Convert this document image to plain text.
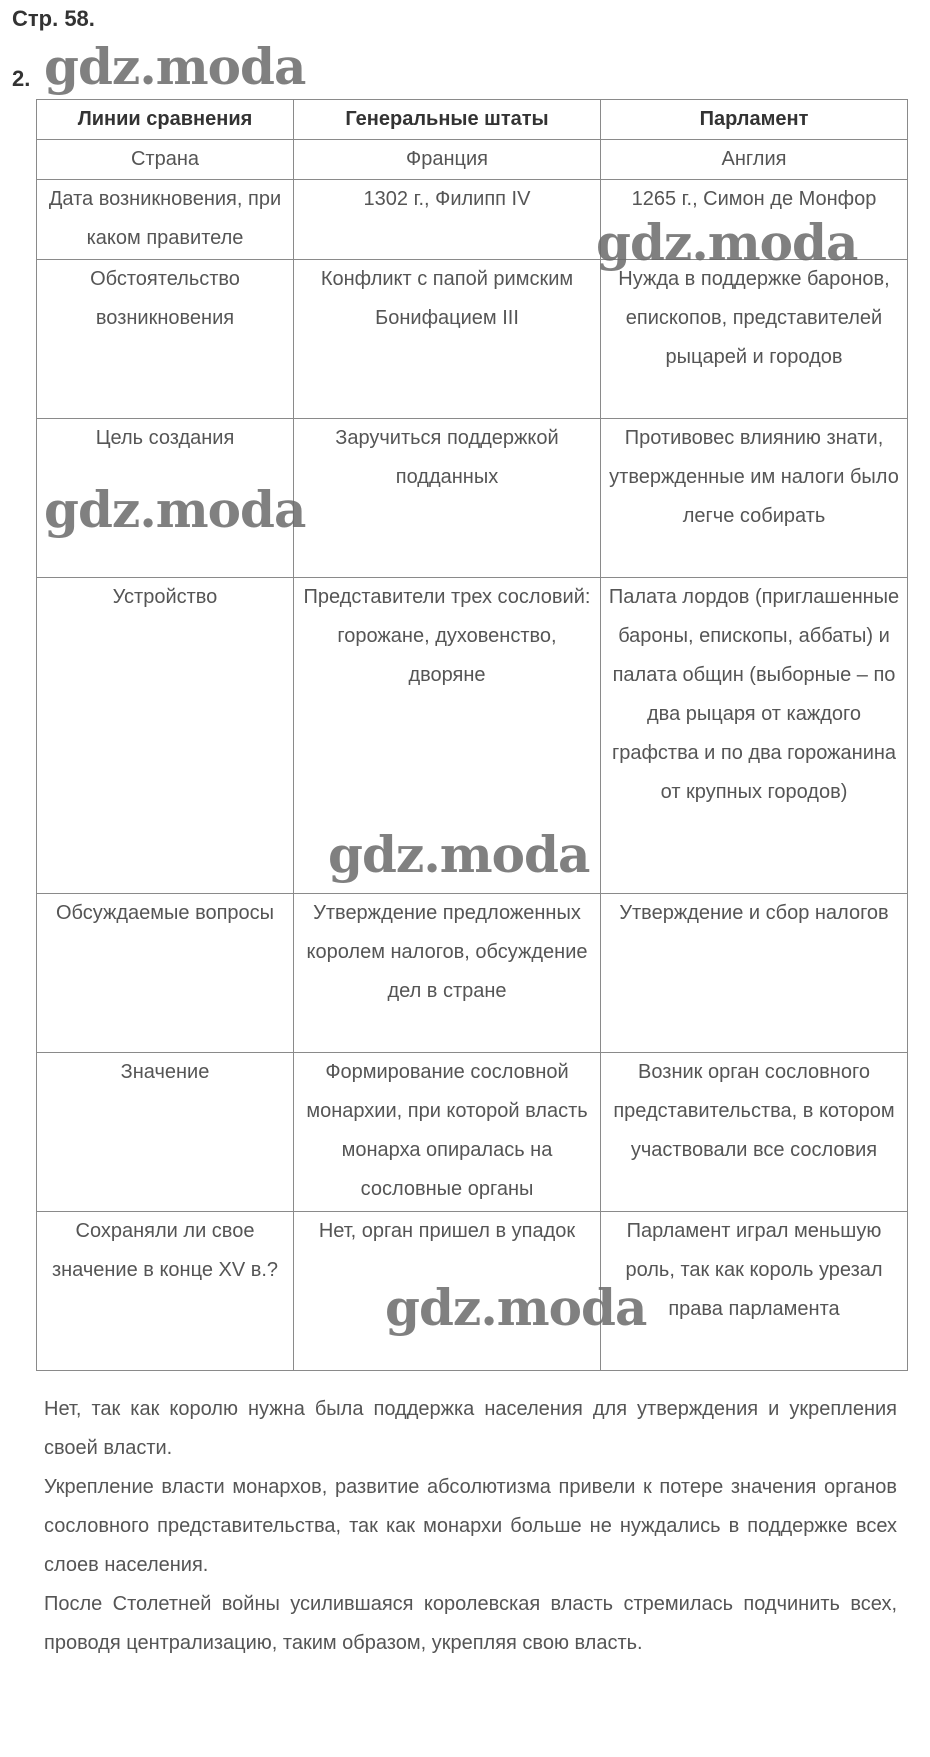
Стр. 58.
2. gdz.moda
gdz.moda
gdz.moda
gdz.moda
gdz.moda
Линии сравнения	Генеральные штаты	Парламент
Страна	Франция	Англия
Дата возникновения, при каком правителе	1302 г., Филипп IV	1265 г., Симон де Монфор
Обстоятельство возникновения	Конфликт с папой римским Бонифацием III	Нужда в поддержке баронов, епископов, представителей рыцарей и городов
Цель создания	Заручиться поддержкой подданных	Противовес влиянию знати, утвержденные им налоги было легче собирать
Устройство	Представители трех сословий: горожане, духовенство, дворяне	Палата лордов (приглашенные бароны, епископы, аббаты) и палата общин (выборные – по два рыцаря от каждого графства и по два горожанина от крупных городов)
Обсуждаемые вопросы	Утверждение предложенных королем налогов, обсуждение дел в стране	Утверждение и сбор налогов
Значение	Формирование сословной монархии, при которой власть монарха опиралась на сословные органы	Возник орган сословного представительства, в котором участвовали все сословия
Сохраняли ли свое значение в конце XV в.?	Нет, орган пришел в упадок	Парламент играл меньшую роль, так как король урезал права парламента

Нет, так как королю нужна была поддержка населения для утверждения и укрепления своей власти.

Укрепление власти монархов, развитие абсолютизма привели к потере значения органов сословного представительства, так как монархи больше не нуждались в поддержке всех слоев населения.

После Столетней войны усилившаяся королевская власть стремилась подчинить всех, проводя централизацию, таким образом, укрепляя свою власть.
